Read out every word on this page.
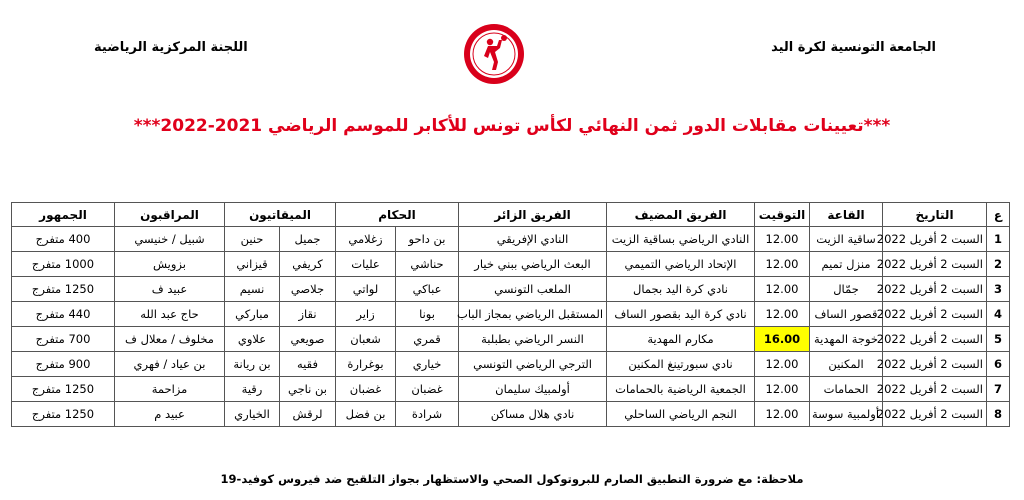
الجامعة التونسية لكرة اليد
اللجنة المركزية الرياضية
***تعيينات مقابلات الدور ثمن النهائي لكأس تونس للأكابر للموسم الرياضي 2021-2022***
ع	التاريخ	القاعة	التوقيت	الفريق المضيف	الفريق الزائر	الحكام		الميقاتيون		المراقبون	الجمهور
1	السبت 2 أفريل 2022	ساقية الزيت	12.00	النادي الرياضي بساقية الزيت	النادي الإفريقي	بن داحو	زغلامي	جميل	حنين	شبيل / خنيسي	400 متفرج
2	السبت 2 أفريل 2022	منزل تميم	12.00	الإتحاد الرياضي التميمي	البعث الرياضي ببني خيار	حناشي	عليات	كريفي	قيزاني	بزويش	1000 متفرج
3	السبت 2 أفريل 2022	جمّال	12.00	نادي كرة اليد بجمال	الملعب التونسي	عباكي	لواتي	جلاصي	نسيم	عبيد ف	1250 متفرج
4	السبت 2 أفريل 2022	قصور الساف	12.00	نادي كرة اليد بقصور الساف	المستقبل الرياضي بمجاز الباب	بونا	زاير	نقاز	مباركي	حاج عبد الله	440 متفرج
5	السبت 2 أفريل 2022	خوجة المهدية	16.00	مكارم المهدية	النسر الرياضي بطبلبة	قمري	شعبان	صويعي	علاوي	مخلوف / معلال ف	700 متفرج
6	السبت 2 أفريل 2022	المكنين	12.00	نادي سبورتينغ المكنين	الترجي الرياضي التونسي	خياري	بوغرارة	فقيه	بن ريانة	بن عياد / فهري	900 متفرج
7	السبت 2 أفريل 2022	الحمامات	12.00	الجمعية الرياضية بالحمامات	أولمبيك سليمان	غضبان	غضبان	بن ناجي	رقية	مزاحمة	1250 متفرج
8	السبت 2 أفريل 2022	أولمبية سوسة	12.00	النجم الرياضي الساحلي	نادي هلال مساكن	شرادة	بن فضل	لرقش	الخياري	عبيد م	1250 متفرج
ملاحظة: مع ضرورة التطبيق الصارم للبروتوكول الصحي والاستظهار بجواز التلقيح ضد فيروس كوفيد-19
